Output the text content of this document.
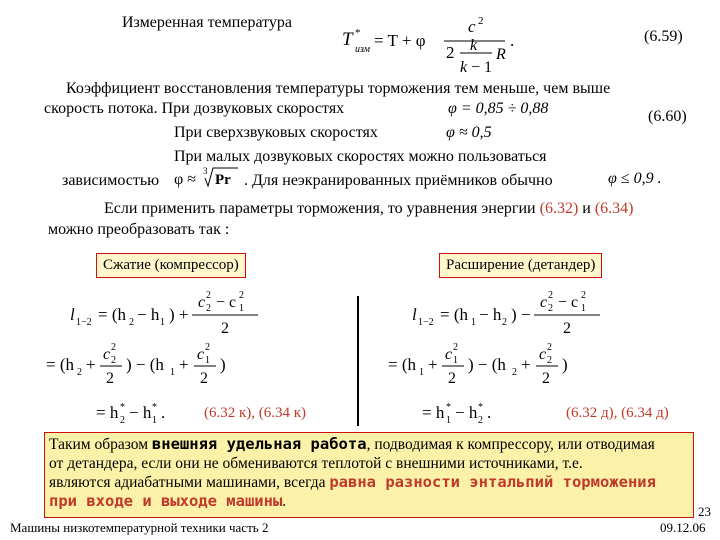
Измеренная температура
T *
изм = T + φ
c 2
2 k
k − 1
R
.	(6.59)
Коэффициент восстановления температуры торможения тем меньше, чем выше
скорость потока. При дозвуковых скоростях	φ = 0,85 ÷ 0,88	(6.60)
При сверхзвуковых скоростях	φ ≈ 0,5
При малых дозвуковых скоростях можно пользоваться
зависимостью φ ≈ 3
Pr . Для неэкранированных приёмников обычно	φ ≤ 0,9 .
Если применить параметры торможения, то уравнения энергии (6.32) и (6.34)
можно преобразовать так :
Сжатие (компрессор)	Расширение (детандер)
l 1−2 = (h 2 − h 1 ) +
c 2
2 − c 2
1
2
= (h 2 +
c 2
2
2
) − (h 1 +
c 2
1
2
)
= h *
2 − h *
1 .	(6.32 к), (6.34 к)
l 1−2 = (h 1 − h 2 ) −
c 2
2 − c 2
1
2
= (h 1 +
c 2
1
2
) − (h 2 +
c 2
2
2
)
= h *
1 − h *
2 .	(6.32 д), (6.34 д)
Таким образом внешняя удельная работа, подводимая к компрессору, или отводимая
от детандера, если они не обмениваются теплотой с внешними источниками, т.е.
являются адиабатными машинами, всегда равна разности энтальпий торможения
при входе и выходе машины.
Машины низкотемпературной техники часть 2
23
09.12.06
